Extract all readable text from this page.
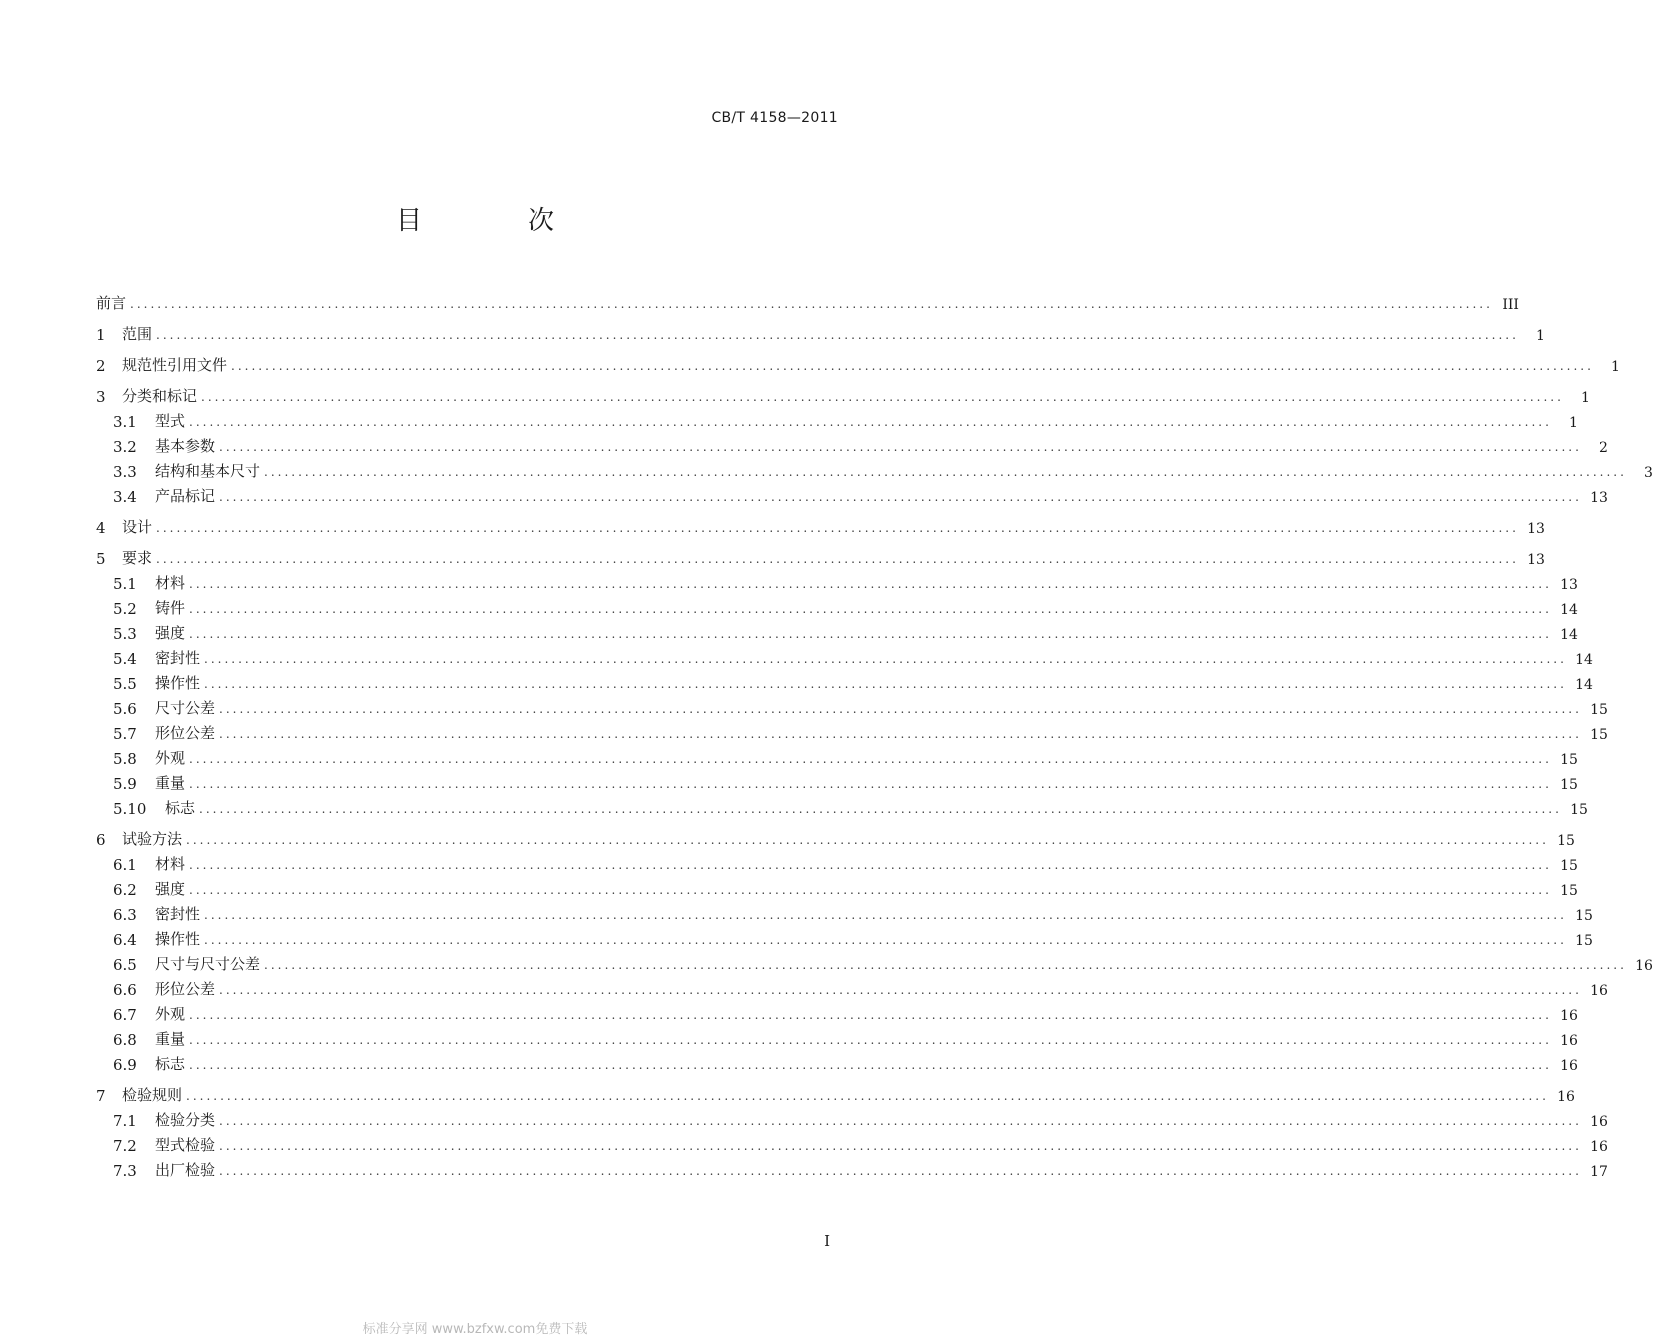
CB/T 4158—2011
目　次
前言 ........................................................................................................................................................................................................ III
1	范围 ........................................................................................................................................................................................................	1
2	规范性引用文件 ........................................................................................................................................................................................................	1
3	分类和标记 ........................................................................................................................................................................................................	1
3.1	型式 ........................................................................................................................................................................................................	1
3.2	基本参数 ........................................................................................................................................................................................................	2
3.3	结构和基本尺寸 ........................................................................................................................................................................................................	3
3.4	产品标记 ........................................................................................................................................................................................................ 13
4	设计 ........................................................................................................................................................................................................ 13
5	要求 ........................................................................................................................................................................................................ 13
5.1	材料 ........................................................................................................................................................................................................ 13
5.2	铸件 ........................................................................................................................................................................................................ 14
5.3	强度 ........................................................................................................................................................................................................ 14
5.4	密封性 ........................................................................................................................................................................................................ 14
5.5	操作性 ........................................................................................................................................................................................................ 14
5.6	尺寸公差 ........................................................................................................................................................................................................ 15
5.7	形位公差 ........................................................................................................................................................................................................ 15
5.8	外观 ........................................................................................................................................................................................................ 15
5.9	重量 ........................................................................................................................................................................................................ 15
5.10	标志 ........................................................................................................................................................................................................ 15
6	试验方法 ........................................................................................................................................................................................................ 15
6.1	材料 ........................................................................................................................................................................................................ 15
6.2	强度 ........................................................................................................................................................................................................ 15
6.3	密封性 ........................................................................................................................................................................................................ 15
6.4	操作性 ........................................................................................................................................................................................................ 15
6.5	尺寸与尺寸公差 ........................................................................................................................................................................................................ 16
6.6	形位公差 ........................................................................................................................................................................................................ 16
6.7	外观 ........................................................................................................................................................................................................ 16
6.8	重量 ........................................................................................................................................................................................................ 16
6.9	标志 ........................................................................................................................................................................................................ 16
7	检验规则 ........................................................................................................................................................................................................ 16
7.1	检验分类 ........................................................................................................................................................................................................ 16
7.2	型式检验 ........................................................................................................................................................................................................ 16
7.3	出厂检验 ........................................................................................................................................................................................................ 17
I
标准分享网 www.bzfxw.com免费下载
